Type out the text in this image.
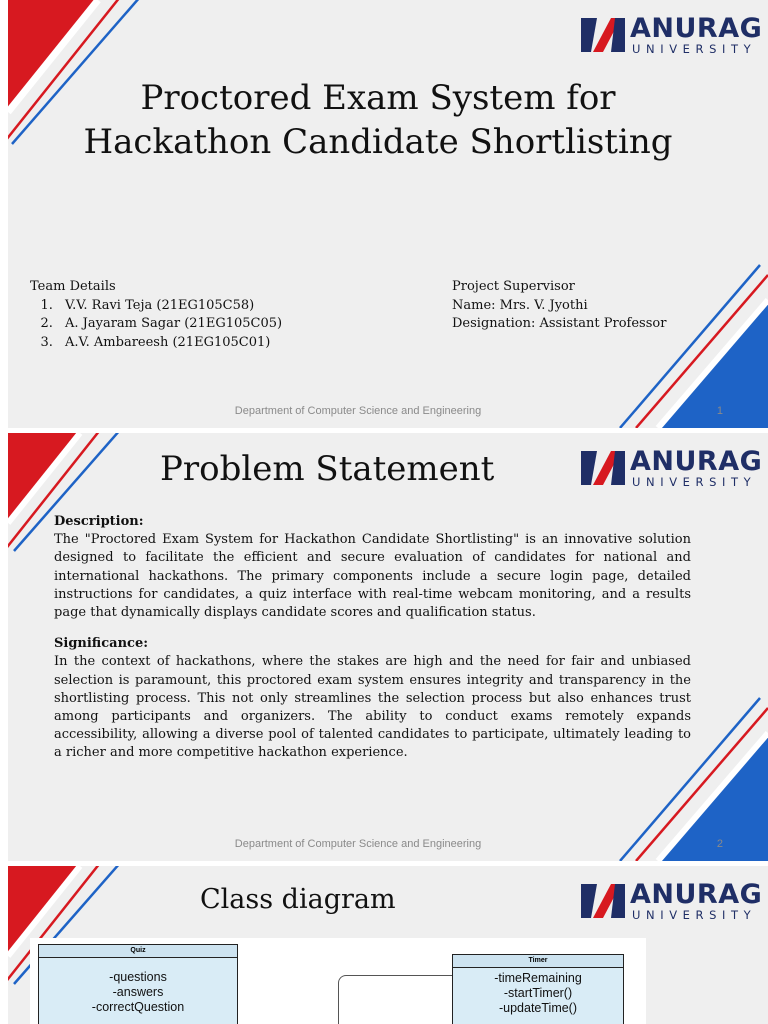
ANURAG
UNIVERSITY
Proctored Exam System for
Hackathon Candidate Shortlisting
Team Details
1. V.V. Ravi Teja (21EG105C58)
2. A. Jayaram Sagar (21EG105C05)
3. A.V. Ambareesh (21EG105C01)
Project Supervisor
Name: Mrs. V. Jyothi
Designation: Assistant Professor
Department of Computer Science and Engineering	1
ANURAG
UNIVERSITY
Problem Statement

Description:
The "Proctored Exam System for Hackathon Candidate Shortlisting" is an innovative solution designed to facilitate the efficient and secure evaluation of candidates for national and international hackathons. The primary components include a secure login page, detailed instructions for candidates, a quiz interface with real-time webcam monitoring, and a results page that dynamically displays candidate scores and qualification status.

Significance:
In the context of hackathons, where the stakes are high and the need for fair and unbiased selection is paramount, this proctored exam system ensures integrity and transparency in the shortlisting process. This not only streamlines the selection process but also enhances trust among participants and organizers. The ability to conduct exams remotely expands accessibility, allowing a diverse pool of talented candidates to participate, ultimately leading to a richer and more competitive hackathon experience.

Department of Computer Science and Engineering	2
ANURAG
UNIVERSITY
Class diagram
Quiz
-questions
-answers
-correctQuestion
Timer
-timeRemaining
-startTimer()
-updateTime()
